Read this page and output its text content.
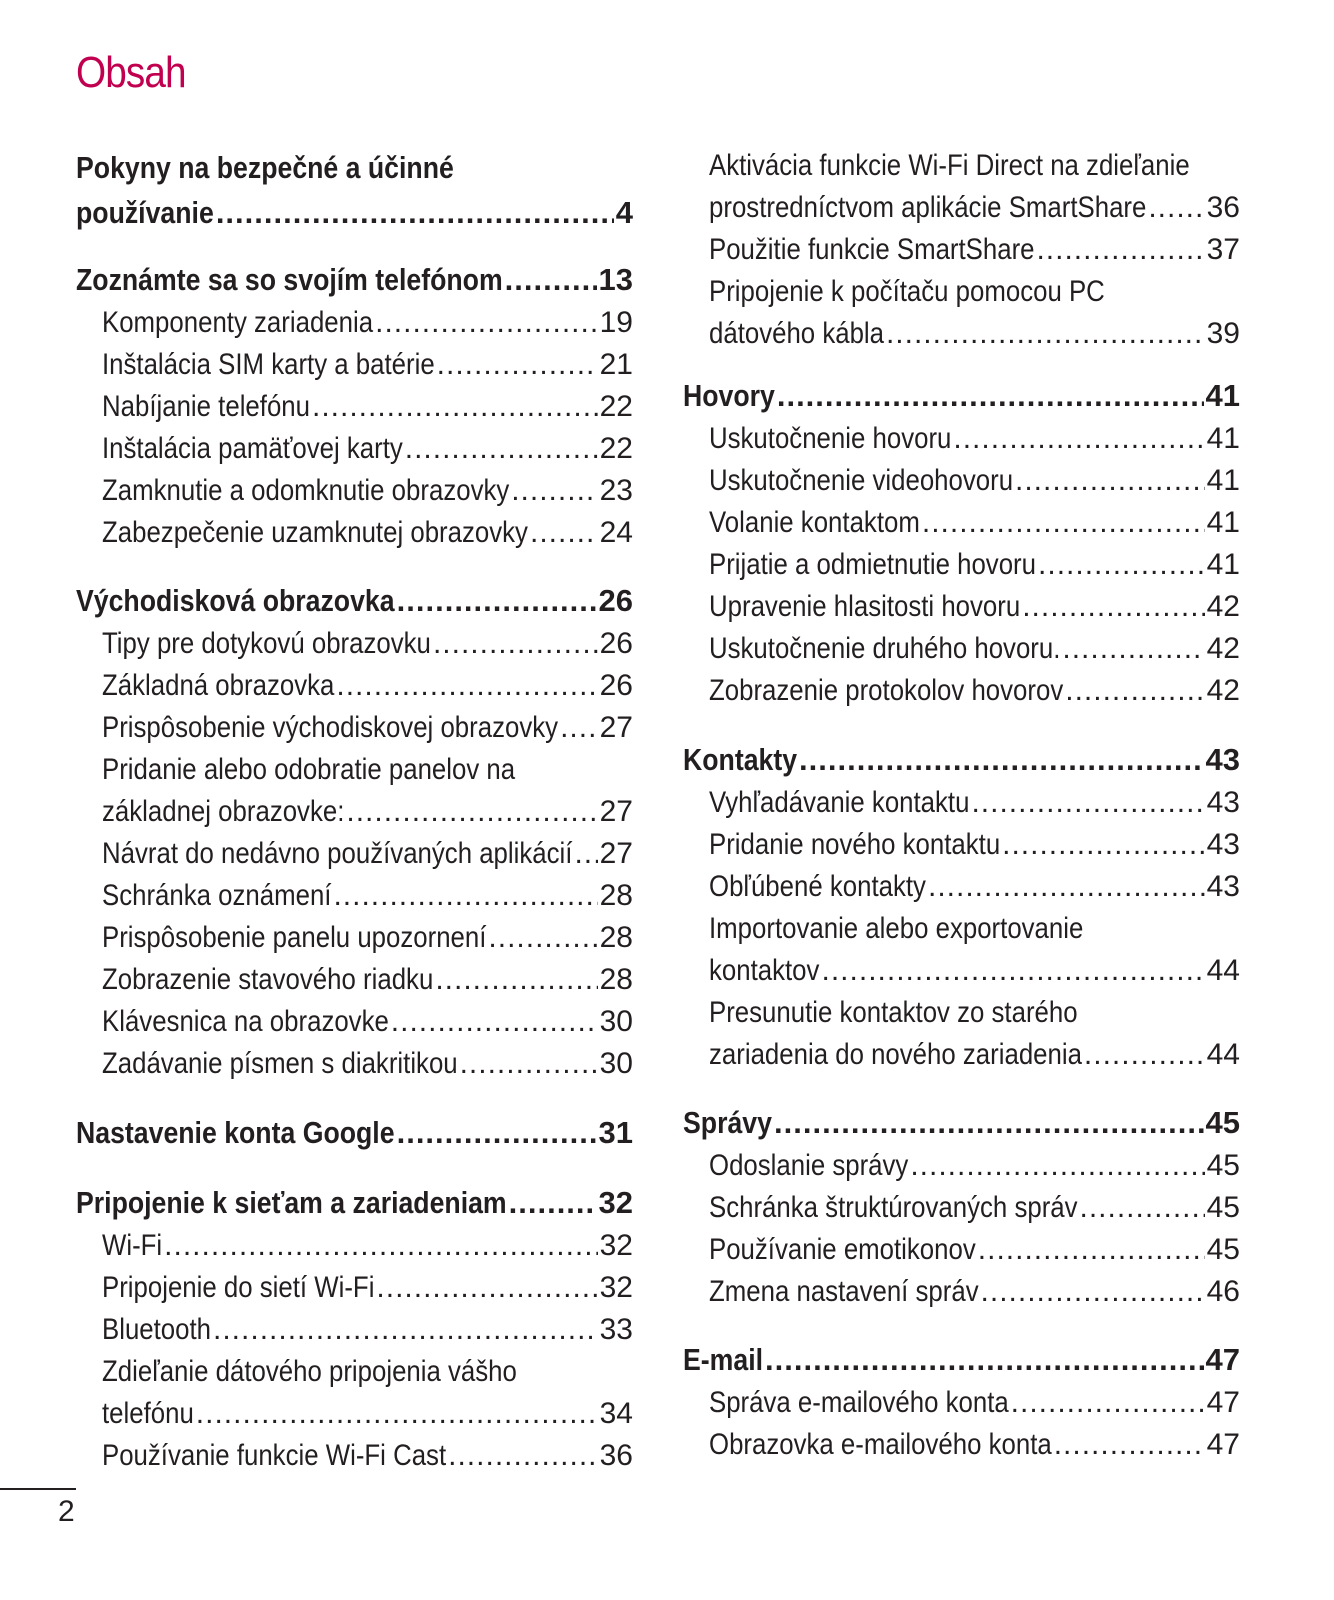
Obsah
Pokyny na bezpečné a účinné
používanie .....	4
Zoznámte sa so svojím telefónom .....	13
Komponenty zariadenia .....	19
Inštalácia SIM karty a batérie .....	21
Nabíjanie telefónu .....	22
Inštalácia pamäťovej karty .....	22
Zamknutie a odomknutie obrazovky .....	23
Zabezpečenie uzamknutej obrazovky ..... 24
Východisková obrazovka .....	26
Tipy pre dotykovú obrazovku .....	26
Základná obrazovka .....	26
Prispôsobenie východiskovej obrazovky ..... 27
Pridanie alebo odobratie panelov na
základnej obrazovke: .....	27
Návrat do nedávno používaných aplikácií ..... 27
Schránka oznámení .....	28
Prispôsobenie panelu upozornení .....	28
Zobrazenie stavového riadku .....	28
Klávesnica na obrazovke .....	30
Zadávanie písmen s diakritikou .....	30
Nastavenie konta Google .....	31
Pripojenie k sieťam a zariadeniam .....	32
Wi-Fi .....	32
Pripojenie do sietí Wi-Fi .....	32
Bluetooth .....	33
Zdieľanie dátového pripojenia vášho
telefónu .....	34
Používanie funkcie Wi-Fi Cast .....	36
Aktivácia funkcie Wi-Fi Direct na zdieľanie
prostredníctvom aplikácie SmartShare ..... 36
Použitie funkcie SmartShare .....	37
Pripojenie k počítaču pomocou PC
dátového kábla .....	39
Hovory .....	41
Uskutočnenie hovoru .....	41
Uskutočnenie videohovoru .....	41
Volanie kontaktom .....	41
Prijatie a odmietnutie hovoru .....	41
Upravenie hlasitosti hovoru .....	42
Uskutočnenie druhého hovoru. .....	42
Zobrazenie protokolov hovorov .....	42
Kontakty .....	43
Vyhľadávanie kontaktu .....	43
Pridanie nového kontaktu .....	43
Obľúbené kontakty .....	43
Importovanie alebo exportovanie
kontaktov .....	44
Presunutie kontaktov zo starého
zariadenia do nového zariadenia .....	44
Správy .....	45
Odoslanie správy .....	45
Schránka štruktúrovaných správ .....	45
Používanie emotikonov .....	45
Zmena nastavení správ .....	46
E-mail .....	47
Správa e-mailového konta .....	47
Obrazovka e-mailového konta .....	47
2
